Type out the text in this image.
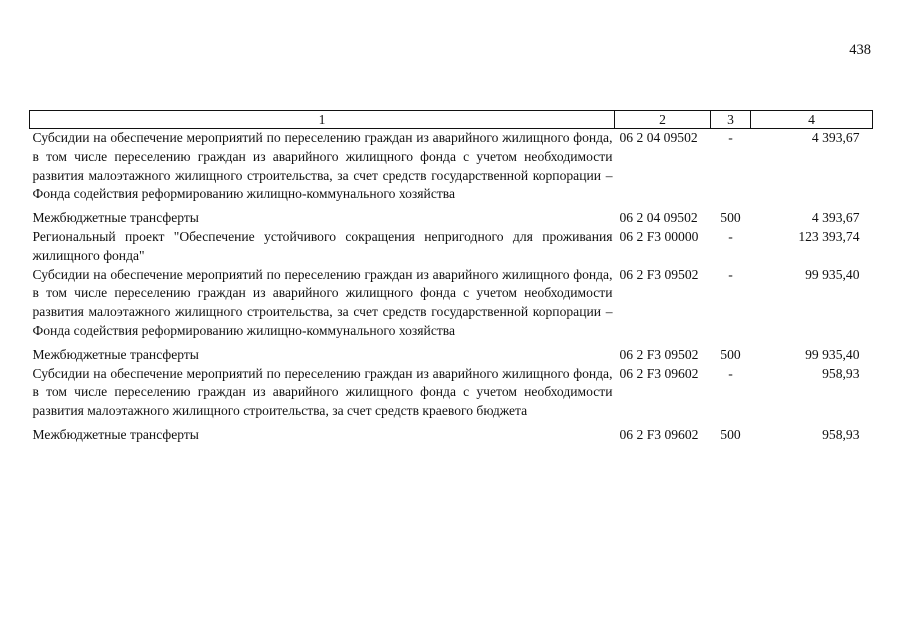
438
1	2	3	4
Субсидии на обеспечение мероприятий по переселению граждан из аварийного жилищного фонда, в том числе переселению граждан из аварийного жилищного фонда с учетом необходимости развития малоэтажного жилищного строительства, за счет средств государственной корпорации – Фонда содействия реформированию жилищно-коммунального хозяйства	06 2 04 09502	-	4 393,67
Межбюджетные трансферты	06 2 04 09502	500	4 393,67
Региональный проект "Обеспечение устойчивого сокращения непригодного для проживания жилищного фонда"	06 2 F3 00000	-	123 393,74
Субсидии на обеспечение мероприятий по переселению граждан из аварийного жилищного фонда, в том числе переселению граждан из аварийного жилищного фонда с учетом необходимости развития малоэтажного жилищного строительства, за счет средств государственной корпорации – Фонда содействия реформированию жилищно-коммунального хозяйства	06 2 F3 09502	-	99 935,40
Межбюджетные трансферты	06 2 F3 09502	500	99 935,40
Субсидии на обеспечение мероприятий по переселению граждан из аварийного жилищного фонда, в том числе переселению граждан из аварийного жилищного фонда с учетом необходимости развития малоэтажного жилищного строительства, за счет средств краевого бюджета	06 2 F3 09602	-	958,93
Межбюджетные трансферты	06 2 F3 09602	500	958,93
